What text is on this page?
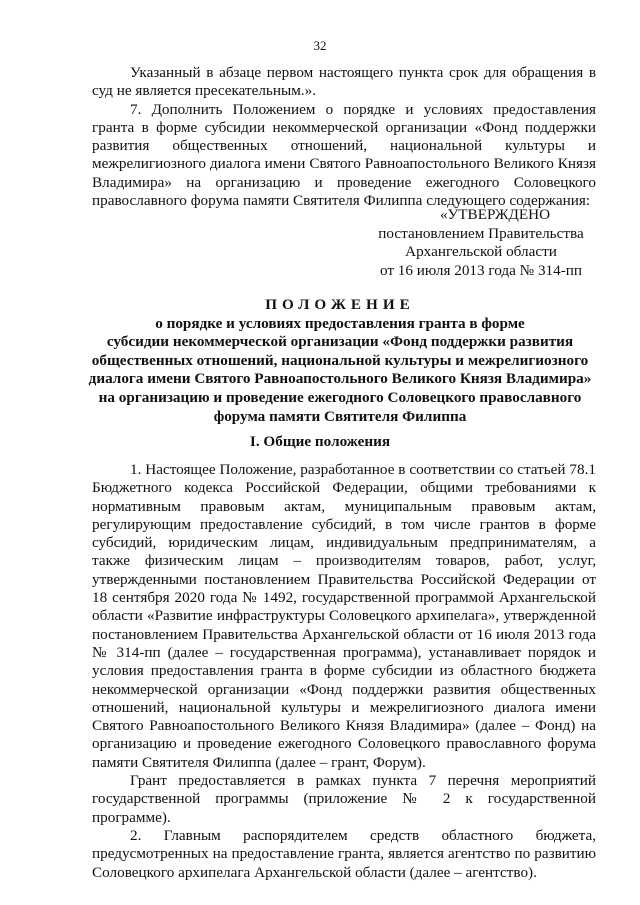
32

Указанный в абзаце первом настоящего пункта срок для обращения в суд не является пресекательным.».

7. Дополнить Положением о порядке и условиях предоставления гранта в форме субсидии некоммерческой организации «Фонд поддержки развития общественных отношений, национальной культуры и межрелигиозного диалога имени Святого Равноапостольного Великого Князя Владимира» на организацию и проведение ежегодного Соловецкого православного форума памяти Святителя Филиппа следующего содержания:

«УТВЕРЖДЕНО
постановлением Правительства
Архангельской области
от 16 июля 2013 года № 314-пп
ПОЛОЖЕНИЕ
о порядке и условиях предоставления гранта в форме
субсидии некоммерческой организации «Фонд поддержки развития
общественных отношений, национальной культуры и межрелигиозного
диалога имени Святого Равноапостольного Великого Князя Владимира»
на организацию и проведение ежегодного Соловецкого православного
форума памяти Святителя Филиппа
I. Общие положения

1. Настоящее Положение, разработанное в соответствии со статьей 78.1 Бюджетного кодекса Российской Федерации, общими требованиями к нормативным правовым актам, муниципальным правовым актам, регулирующим предоставление субсидий, в том числе грантов в форме субсидий, юридическим лицам, индивидуальным предпринимателям, а также физическим лицам – производителям товаров, работ, услуг, утвержденными постановлением Правительства Российской Федерации от 18 сентября 2020 года № 1492, государственной программой Архангельской области «Развитие инфраструктуры Соловецкого архипелага», утвержденной постановлением Правительства Архангельской области от 16 июля 2013 года № 314-пп (далее – государственная программа), устанавливает порядок и условия предоставления гранта в форме субсидии из областного бюджета некоммерческой организации «Фонд поддержки развития общественных отношений, национальной культуры и межрелигиозного диалога имени Святого Равноапостольного Великого Князя Владимира» (далее – Фонд) на организацию и проведение ежегодного Соловецкого православного форума памяти Святителя Филиппа (далее – грант, Форум).

Грант предоставляется в рамках пункта 7 перечня мероприятий государственной программы (приложение № 2 к государственной программе).

2. Главным распорядителем средств областного бюджета, предусмотренных на предоставление гранта, является агентство по развитию Соловецкого архипелага Архангельской области (далее – агентство).
